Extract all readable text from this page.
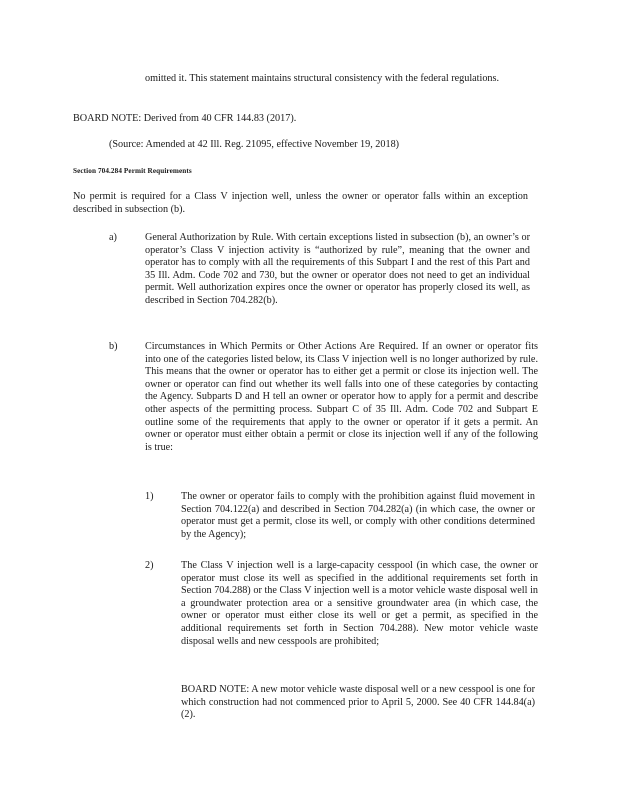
omitted it. This statement maintains structural consistency with the federal regulations.

BOARD NOTE: Derived from 40 CFR 144.83 (2017).

(Source: Amended at 42 Ill. Reg. 21095, effective November 19, 2018)

Section 704.284 Permit Requirements

No permit is required for a Class V injection well, unless the owner or operator falls within an exception described in subsection (b).

a)	General Authorization by Rule. With certain exceptions listed in subsection (b), an owner’s or operator’s Class V injection activity is “authorized by rule”, meaning that the owner and operator has to comply with all the requirements of this Subpart I and the rest of this Part and 35 Ill. Adm. Code 702 and 730, but the owner or operator does not need to get an individual permit. Well authorization expires once the owner or operator has properly closed its well, as described in Section 704.282(b).

b)	Circumstances in Which Permits or Other Actions Are Required. If an owner or operator fits into one of the categories listed below, its Class V injection well is no longer authorized by rule. This means that the owner or operator has to either get a permit or close its injection well. The owner or operator can find out whether its well falls into one of these categories by contacting the Agency. Subparts D and H tell an owner or operator how to apply for a permit and describe other aspects of the permitting process. Subpart C of 35 Ill. Adm. Code 702 and Subpart E outline some of the requirements that apply to the owner or operator if it gets a permit. An owner or operator must either obtain a permit or close its injection well if any of the following is true:

1)	The owner or operator fails to comply with the prohibition against fluid movement in Section 704.122(a) and described in Section 704.282(a) (in which case, the owner or operator must get a permit, close its well, or comply with other conditions determined by the Agency);

2)	The Class V injection well is a large-capacity cesspool (in which case, the owner or operator must close its well as specified in the additional requirements set forth in Section 704.288) or the Class V injection well is a motor vehicle waste disposal well in a groundwater protection area or a sensitive groundwater area (in which case, the owner or operator must either close its well or get a permit, as specified in the additional requirements set forth in Section 704.288). New motor vehicle waste disposal wells and new cesspools are prohibited;

BOARD NOTE: A new motor vehicle waste disposal well or a new cesspool is one for which construction had not commenced prior to April 5, 2000. See 40 CFR 144.84(a)(2).
